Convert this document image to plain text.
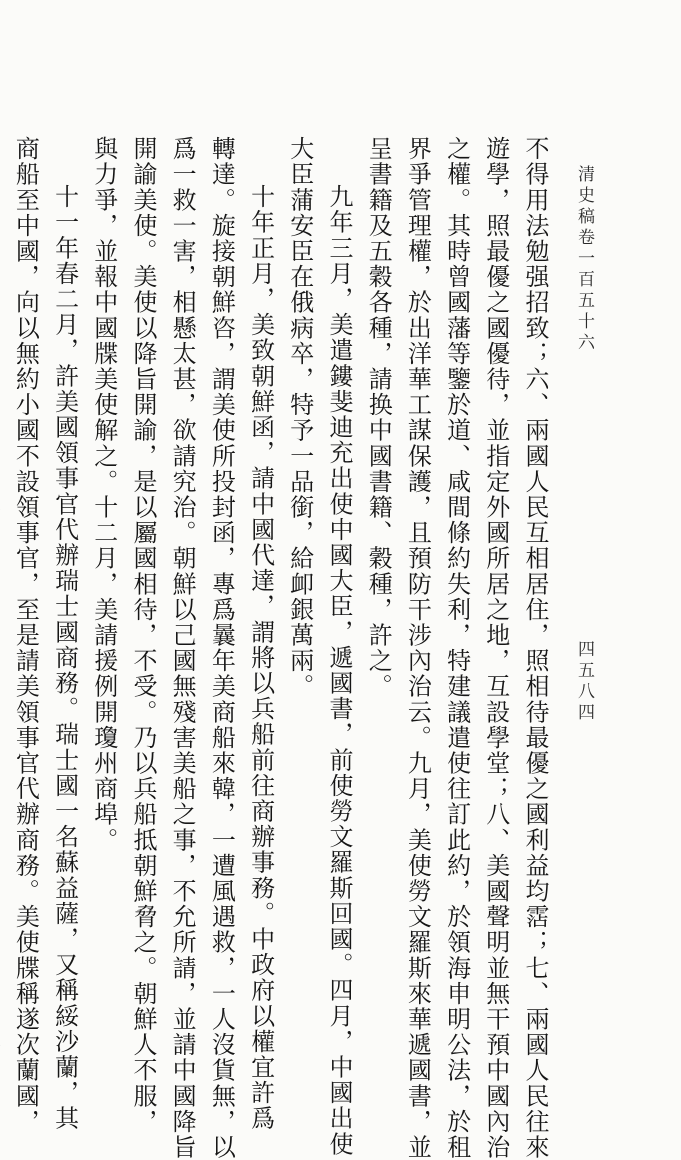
清史稿卷一百五十六
四五八四
不得用法勉强招致；六、兩國人民互相居住，照相待最優之國利益均霑；七、兩國人民往來
遊學，照最優之國優待，並指定外國所居之地，互設學堂；八、美國聲明並無干預中國內治
之權。其時曾國藩等鑒於道、咸間條約失利，特建議遣使往訂此約，於領海申明公法，於租
界爭管理權，於出洋華工謀保護，且預防干涉內治云。九月，美使勞文羅斯來華遞國書，並
呈書籍及五穀各種，請换中國書籍、穀種，許之。
九年三月，美遣鏤斐迪充出使中國大臣，遞國書，前使勞文羅斯回國。四月，中國出使
大臣蒲安臣在俄病卒，特予一品銜，給卹銀萬兩。
十年正月，美致朝鮮函，請中國代達，謂將以兵船前往商辦事務。中政府以權宜許爲
轉達。旋接朝鮮咨，謂美使所投封函，專爲曩年美商船來韓，一遭風遇救，一人沒貨無，以
爲一救一害，相懸太甚，欲請究治。朝鮮以己國無殘害美船之事，不允所請，並請中國降旨
開諭美使。美使以降旨開諭，是以屬國相待，不受。乃以兵船抵朝鮮脅之。朝鮮人不服，
與力爭，並報中國牒美使解之。十二月，美請援例開瓊州商埠。
十一年春二月，許美國領事官代辦瑞士國商務。瑞士國一名蘇益薩，又稱綏沙蘭，其
商船至中國，向以無約小國不設領事官，至是請美領事官代辦商務。美使牒稱遂次蘭國，
